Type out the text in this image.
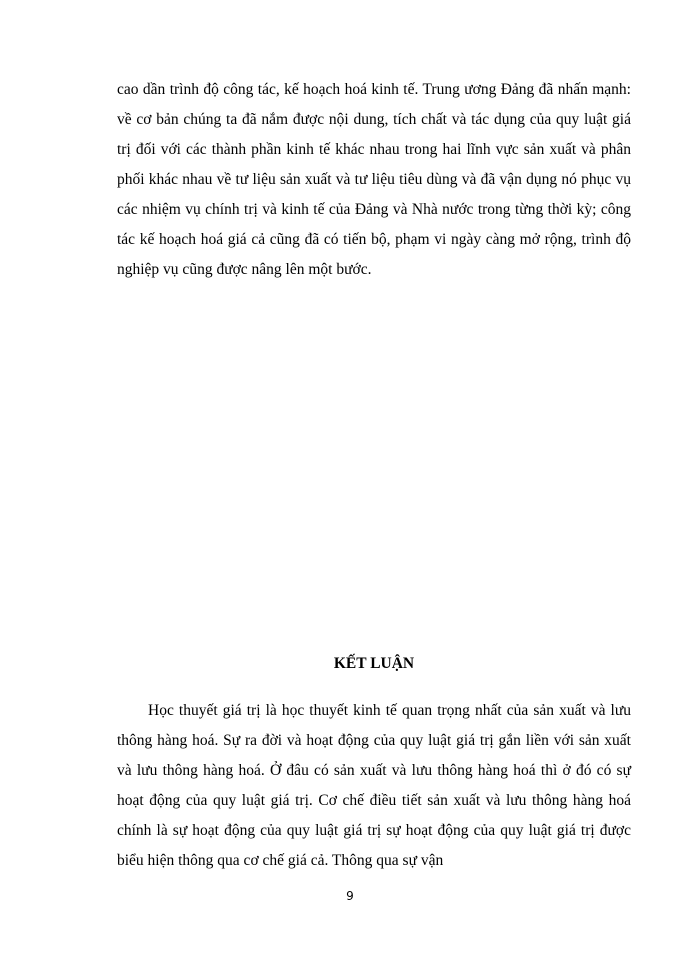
cao dần trình độ công tác, kế hoạch hoá kinh tế. Trung ương Đảng đã nhấn mạnh: về cơ bản chúng ta đã nắm được nội dung, tích chất và tác dụng của quy luật giá trị đối với các thành phần kinh tế khác nhau trong hai lĩnh vực sản xuất và phân phối khác nhau về tư liệu sản xuất và tư liệu tiêu dùng và đã vận dụng nó phục vụ các nhiệm vụ chính trị và kinh tế của Đảng và Nhà nước trong từng thời kỳ; công tác kế hoạch hoá giá cả cũng đã có tiến bộ, phạm vi ngày càng mở rộng, trình độ nghiệp vụ cũng được nâng lên một bước.

KẾT LUẬN

Học thuyết giá trị là học thuyết kinh tế quan trọng nhất của sản xuất và lưu thông hàng hoá. Sự ra đời và hoạt động của quy luật giá trị gắn liền với sản xuất và lưu thông hàng hoá. Ở đâu có sản xuất và lưu thông hàng hoá thì ở đó có sự hoạt động của quy luật giá trị. Cơ chế điều tiết sản xuất và lưu thông hàng hoá chính là sự hoạt động của quy luật giá trị sự hoạt động của quy luật giá trị được biểu hiện thông qua cơ chế giá cả. Thông qua sự vận

9
